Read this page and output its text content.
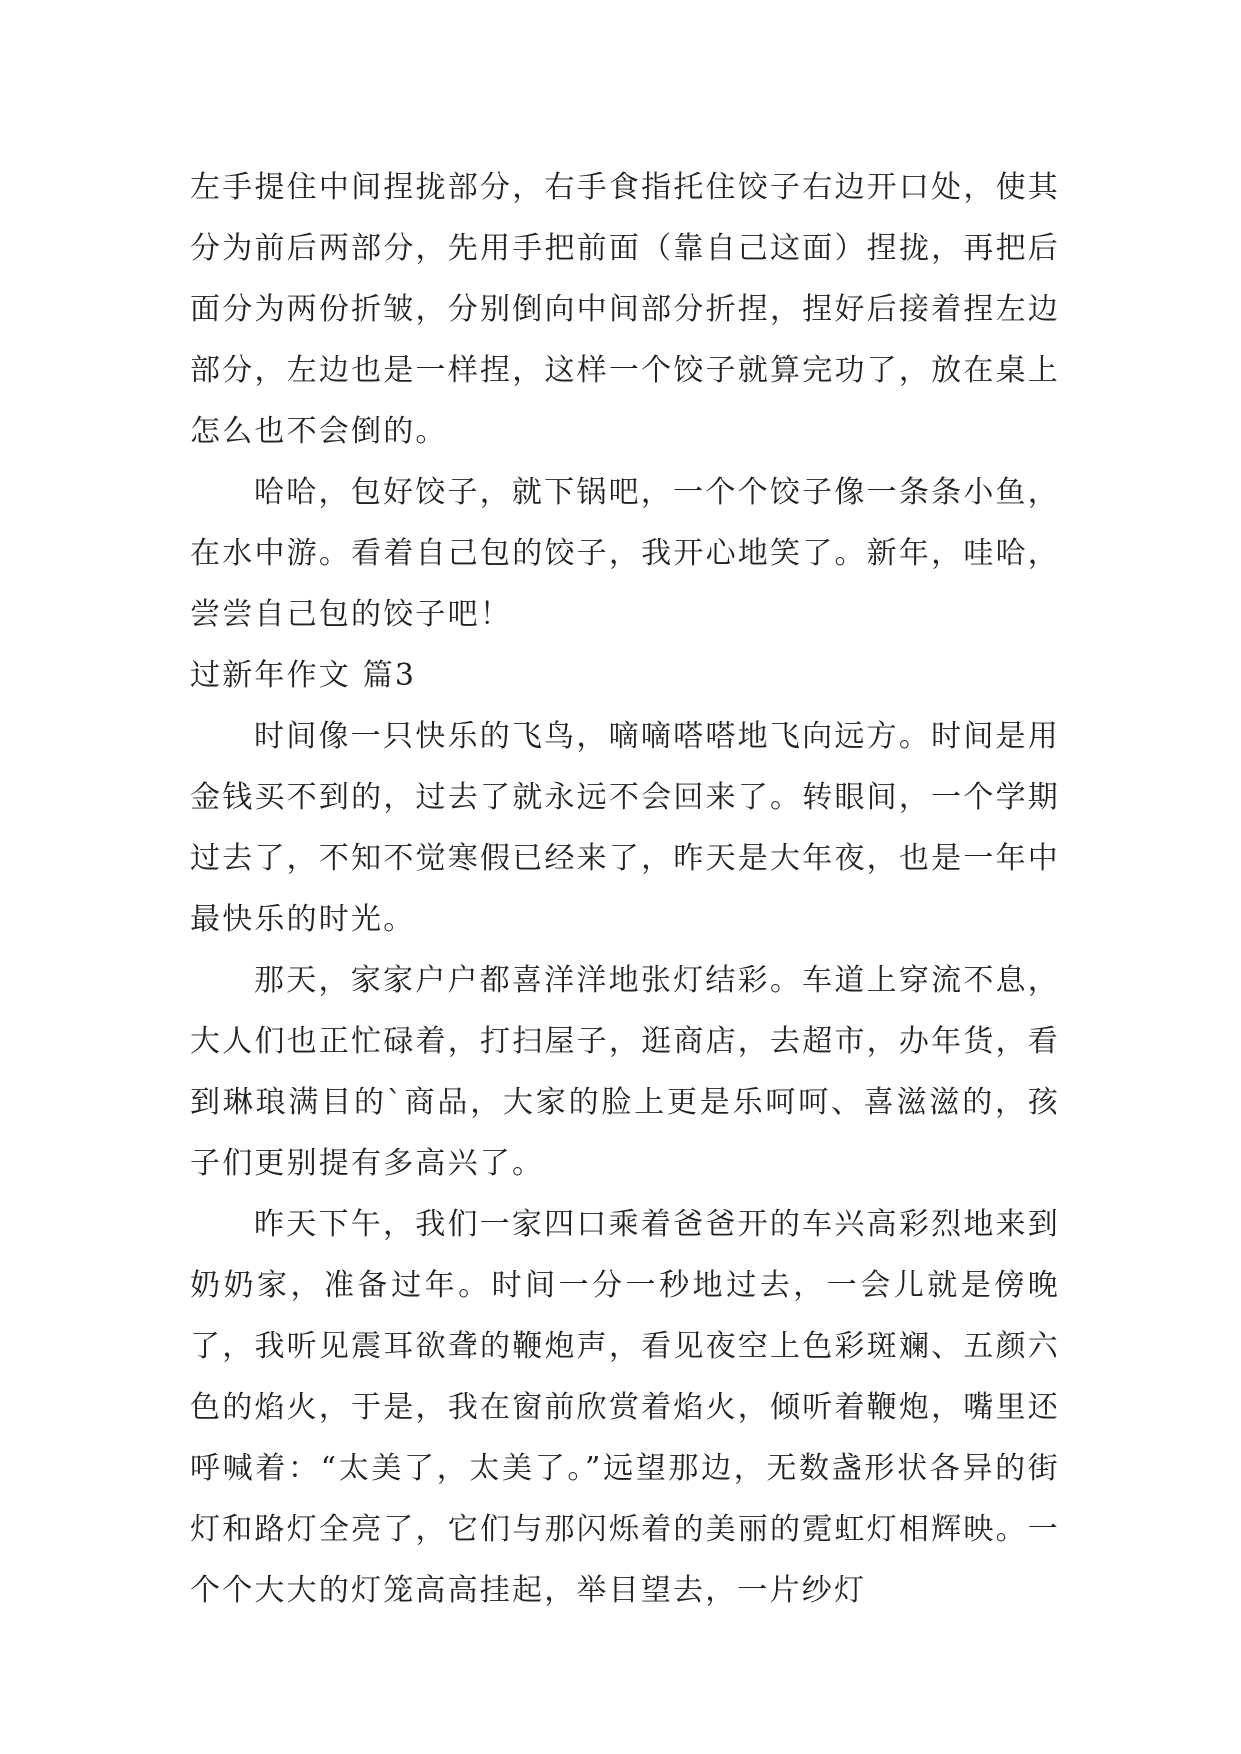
左手提住中间捏拢部分，右手食指托住饺子右边开口处，使其分为前后两部分，先用手把前面（靠自己这面）捏拢，再把后面分为两份折皱，分别倒向中间部分折捏，捏好后接着捏左边部分，左边也是一样捏，这样一个饺子就算完功了，放在桌上怎么也不会倒的。

哈哈，包好饺子，就下锅吧，一个个饺子像一条条小鱼，在水中游。看着自己包的饺子，我开心地笑了。新年，哇哈，尝尝自己包的饺子吧！

过新年作文 篇3

时间像一只快乐的飞鸟，嘀嘀嗒嗒地飞向远方。时间是用金钱买不到的，过去了就永远不会回来了。转眼间，一个学期过去了，不知不觉寒假已经来了，昨天是大年夜，也是一年中最快乐的时光。

那天，家家户户都喜洋洋地张灯结彩。车道上穿流不息，大人们也正忙碌着，打扫屋子，逛商店，去超市，办年货，看到琳琅满目的`商品，大家的脸上更是乐呵呵、喜滋滋的，孩子们更别提有多高兴了。

昨天下午，我们一家四口乘着爸爸开的车兴高彩烈地来到奶奶家，准备过年。时间一分一秒地过去，一会儿就是傍晚了，我听见震耳欲聋的鞭炮声，看见夜空上色彩斑斓、五颜六色的焰火，于是，我在窗前欣赏着焰火，倾听着鞭炮，嘴里还呼喊着：“太美了，太美了。”远望那边，无数盏形状各异的街灯和路灯全亮了，它们与那闪烁着的美丽的霓虹灯相辉映。一个个大大的灯笼高高挂起，举目望去，一片纱灯
